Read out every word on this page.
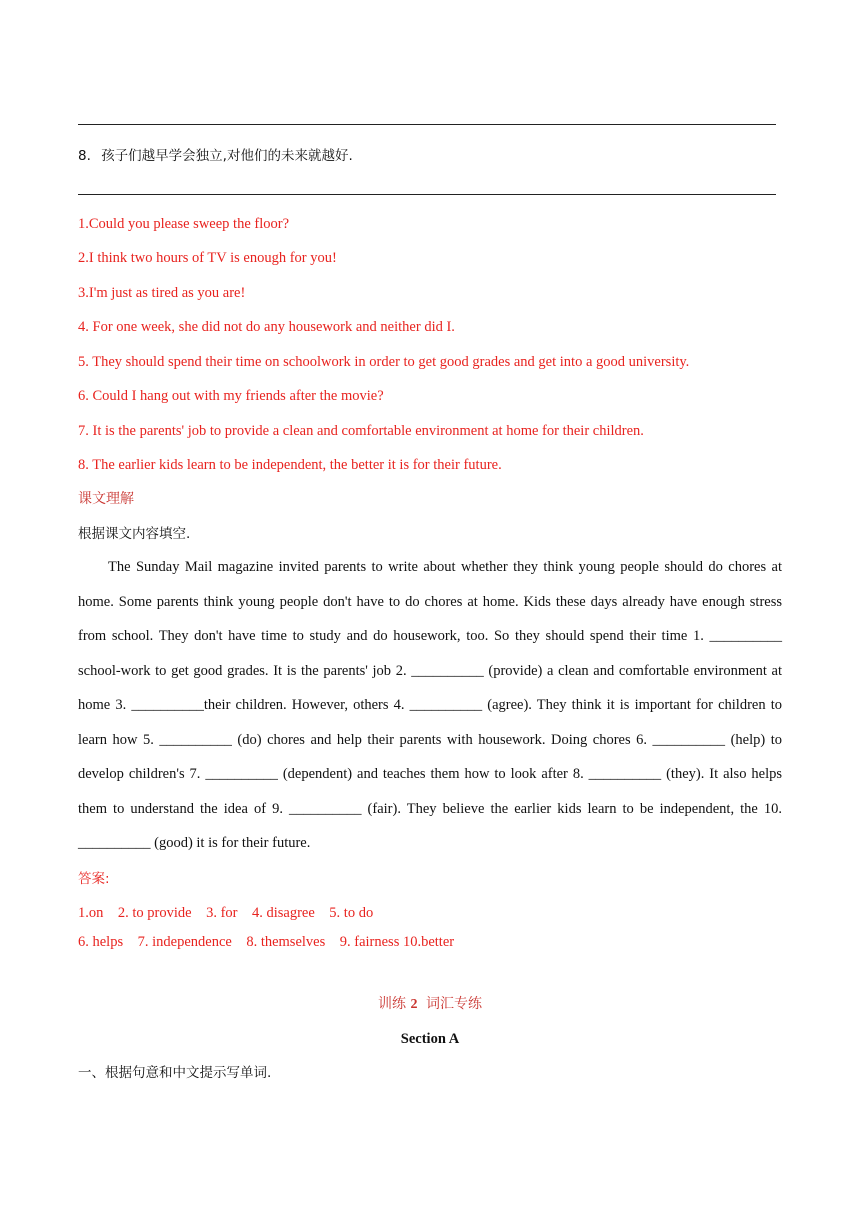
8. 孩子们越早学会独立,对他们的未来就越好.
1.Could you please sweep the floor?
2.I think two hours of TV is enough for you!
3.I'm just as tired as you are!
4. For one week, she did not do any housework and neither did I.
5. They should spend their time on schoolwork in order to get good grades and get into a good university.
6. Could I hang out with my friends after the movie?
7. It is the parents' job to provide a clean and comfortable environment at home for their children.
8. The earlier kids learn to be independent, the better it is for their future.
课文理解
根据课文内容填空.

The Sunday Mail magazine invited parents to write about whether they think young people should do chores at home. Some parents think young people don't have to do chores at home. Kids these days already have enough stress from school. They don't have time to study and do housework, too. So they should spend their time 1. __________ school-work to get good grades. It is the parents' job 2. __________ (provide) a clean and comfortable environment at home 3. __________their children. However, others 4. __________ (agree). They think it is important for children to learn how 5. __________ (do) chores and help their parents with housework. Doing chores 6. __________ (help) to develop children's 7. __________ (dependent) and teaches them how to look after 8. __________ (they). It also helps them to understand the idea of 9. __________ (fair). They believe the earlier kids learn to be independent, the 10. __________ (good) it is for their future.

答案:
1.on    2. to provide    3. for    4. disagree    5. to do
6. helps    7. independence    8. themselves    9. fairness 10.better
训练 2 词汇专练
Section A
一、根据句意和中文提示写单词.
